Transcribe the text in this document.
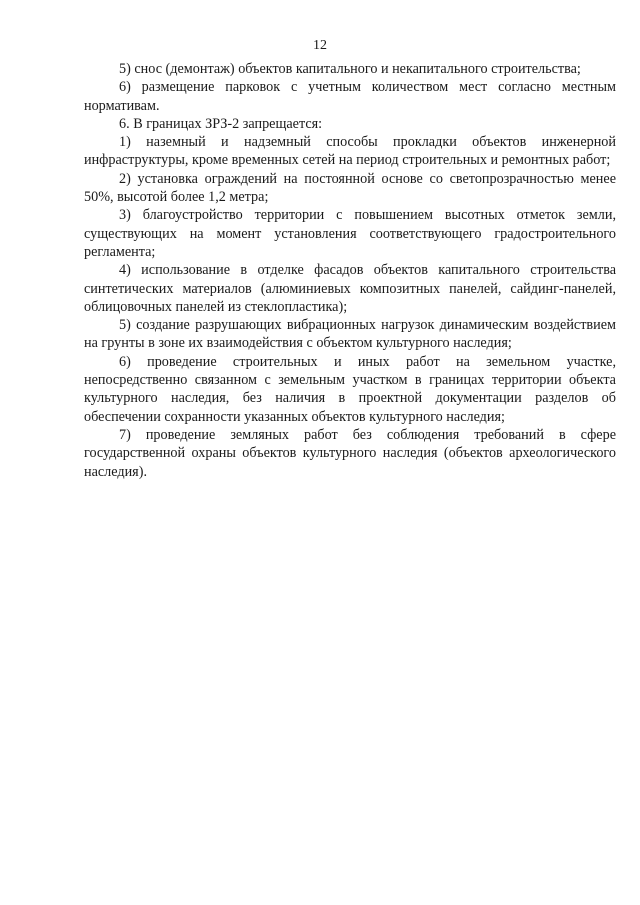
12

5) снос (демонтаж) объектов капитального и некапитального строительства;

6) размещение парковок с учетным количеством мест согласно местным нормативам.

6. В границах ЗРЗ-2 запрещается:

1) наземный и надземный способы прокладки объектов инженерной инфраструктуры, кроме временных сетей на период строительных и ремонтных работ;

2) установка ограждений на постоянной основе со светопрозрачностью менее 50%, высотой более 1,2 метра;

3) благоустройство территории с повышением высотных отметок земли, существующих на момент установления соответствующего градостроительного регламента;

4) использование в отделке фасадов объектов капитального строительства синтетических материалов (алюминиевых композитных панелей, сайдинг-панелей, облицовочных панелей из стеклопластика);

5) создание разрушающих вибрационных нагрузок динамическим воздействием на грунты в зоне их взаимодействия с объектом культурного наследия;

6) проведение строительных и иных работ на земельном участке, непосредственно связанном с земельным участком в границах территории объекта культурного наследия, без наличия в проектной документации разделов об обеспечении сохранности указанных объектов культурного наследия;

7) проведение земляных работ без соблюдения требований в сфере государственной охраны объектов культурного наследия (объектов археологического наследия).
